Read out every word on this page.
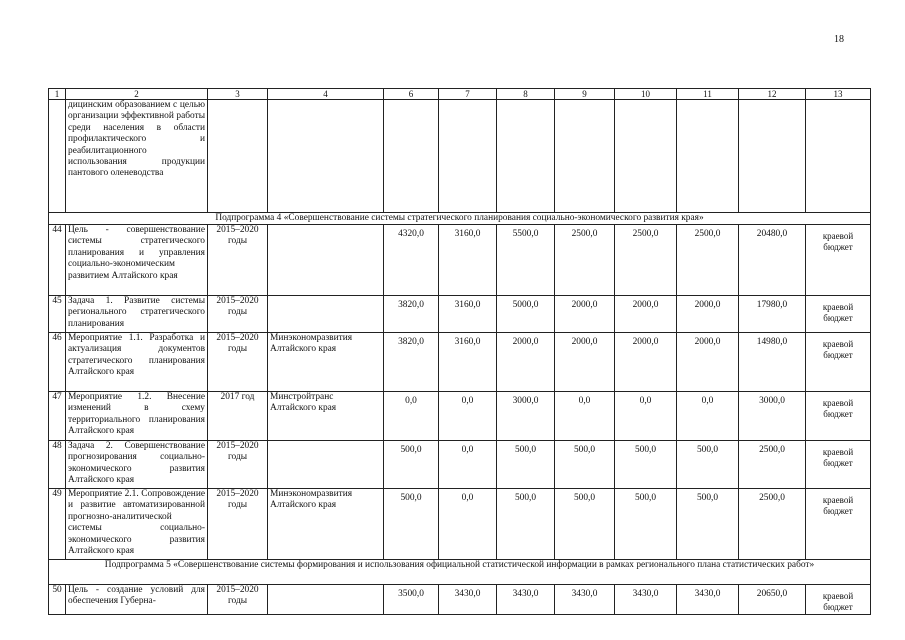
18
1	2	3	4	6	7	8	9	10	11	12	13
	дицинским образованием с целью организации эффективной работы среди населения в области профилактического и реабилитационного использования продукции пантового оленеводства										
Подпрограмма 4 «Совершенствование системы стратегического планирования социально-экономического развития края»											
44	Цель - совершенствование системы стратегического планирования и управления социально-экономическим развитием Алтайского края	2015–2020 годы		4320,0	3160,0	5500,0	2500,0	2500,0	2500,0	20480,0	краевой бюджет
45	Задача 1. Развитие системы регионального стратегического планирования	2015–2020 годы		3820,0	3160,0	5000,0	2000,0	2000,0	2000,0	17980,0	краевой бюджет
46	Мероприятие 1.1. Разработка и актуализация документов стратегического планирования Алтайского края	2015–2020 годы	Минэкономразвития Алтайского края	3820,0	3160,0	2000,0	2000,0	2000,0	2000,0	14980,0	краевой бюджет
47	Мероприятие 1.2. Внесение изменений в схему территориального планирования Алтайского края	2017 год	Минстройтранс Алтайского края	0,0	0,0	3000,0	0,0	0,0	0,0	3000,0	краевой бюджет
48	Задача 2. Совершенствование прогнозирования социально-экономического развития Алтайского края	2015–2020 годы		500,0	0,0	500,0	500,0	500,0	500,0	2500,0	краевой бюджет
49	Мероприятие 2.1. Сопровождение и развитие автоматизированной прогнозно-аналитической системы социально-экономического развития Алтайского края	2015–2020 годы	Минэкономразвития Алтайского края	500,0	0,0	500,0	500,0	500,0	500,0	2500,0	краевой бюджет
Подпрограмма 5 «Совершенствование системы формирования и использования официальной статистической информации в рамках регионального плана статистических работ»											
50	Цель - создание условий для обеспечения Губерна-	2015–2020 годы		3500,0	3430,0	3430,0	3430,0	3430,0	3430,0	20650,0	краевой бюджет
